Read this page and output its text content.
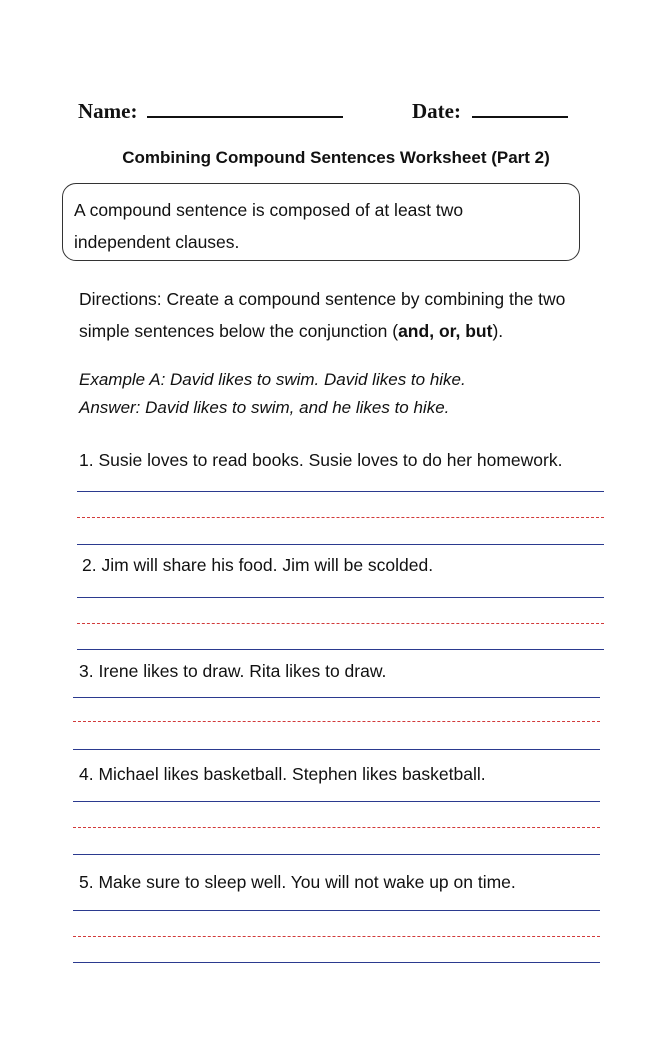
Name:	Date:
Combining Compound Sentences Worksheet (Part 2)

A compound sentence is composed of at least two

independent clauses.

Directions: Create a compound sentence by combining the two

simple sentences below the conjunction (and, or, but).

Example A: David likes to swim. David likes to hike.

Answer: David likes to swim, and he likes to hike.

1. Susie loves to read books. Susie loves to do her homework.
2. Jim will share his food. Jim will be scolded.
3. Irene likes to draw. Rita likes to draw.
4. Michael likes basketball. Stephen likes basketball.
5. Make sure to sleep well. You will not wake up on time.
